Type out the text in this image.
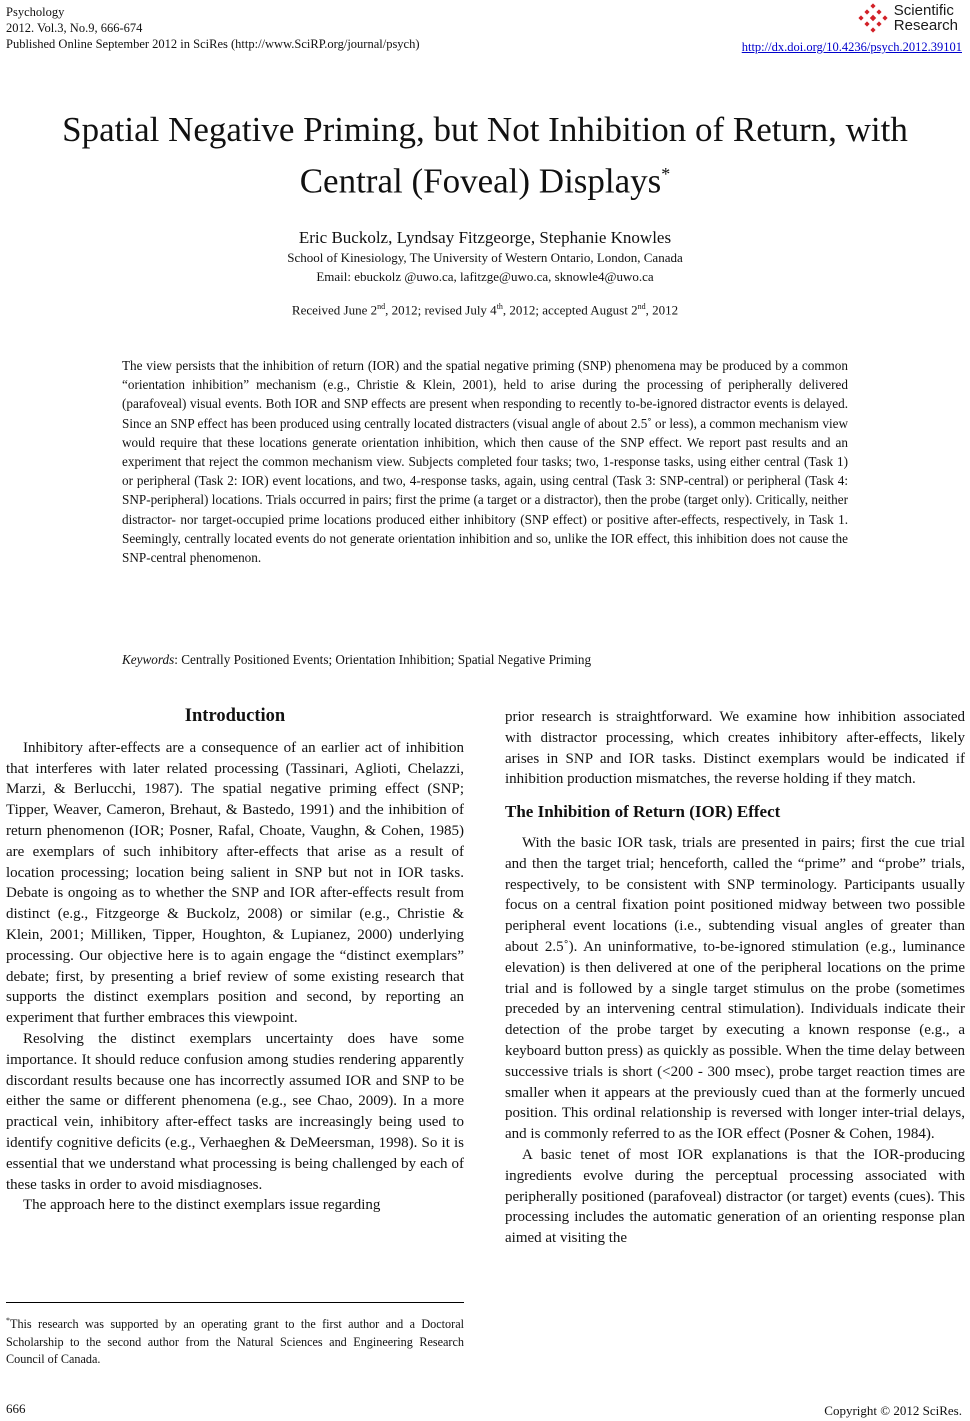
Psychology
2012. Vol.3, No.9, 666-674
Published Online September 2012 in SciRes (http://www.SciRP.org/journal/psych)
Scientific
Research
http://dx.doi.org/10.4236/psych.2012.39101
Spatial Negative Priming, but Not Inhibition of Return, with
Central (Foveal) Displays*
Eric Buckolz, Lyndsay Fitzgeorge, Stephanie Knowles
School of Kinesiology, The University of Western Ontario, London, Canada
Email: ebuckolz @uwo.ca, lafitzge@uwo.ca, sknowle4@uwo.ca
Received June 2nd, 2012; revised July 4th, 2012; accepted August 2nd, 2012
The view persists that the inhibition of return (IOR) and the spatial negative priming (SNP) phenomena may be produced by a common “orientation inhibition” mechanism (e.g., Christie & Klein, 2001), held to arise during the processing of peripherally delivered (parafoveal) visual events. Both IOR and SNP effects are present when responding to recently to-be-ignored distractor events is delayed. Since an SNP effect has been produced using centrally located distracters (visual angle of about 2.5˚ or less), a common mechanism view would require that these locations generate orientation inhibition, which then cause of the SNP effect. We report past results and an experiment that reject the common mechanism view. Subjects completed four tasks; two, 1-response tasks, using either central (Task 1) or peripheral (Task 2: IOR) event locations, and two, 4-response tasks, again, using central (Task 3: SNP-central) or peripheral (Task 4: SNP-peripheral) locations. Trials occurred in pairs; first the prime (a target or a distractor), then the probe (target only). Critically, neither distractor- nor target-occupied prime locations produced either inhibitory (SNP effect) or positive after-effects, respectively, in Task 1. Seemingly, centrally located events do not generate orientation inhibition and so, unlike the IOR effect, this inhibition does not cause the SNP-central phenomenon.
Keywords: Centrally Positioned Events; Orientation Inhibition; Spatial Negative Priming
Introduction

Inhibitory after-effects are a consequence of an earlier act of inhibition that interferes with later related processing (Tassinari, Aglioti, Chelazzi, Marzi, & Berlucchi, 1987). The spatial negative priming effect (SNP; Tipper, Weaver, Cameron, Brehaut, & Bastedo, 1991) and the inhibition of return phenomenon (IOR; Posner, Rafal, Choate, Vaughn, & Cohen, 1985) are exemplars of such inhibitory after-effects that arise as a result of location processing; location being salient in SNP but not in IOR tasks. Debate is ongoing as to whether the SNP and IOR after-effects result from distinct (e.g., Fitzgeorge & Buckolz, 2008) or similar (e.g., Christie & Klein, 2001; Milliken, Tipper, Houghton, & Lupianez, 2000) underlying processing. Our objective here is to again engage the “distinct exemplars” debate; first, by presenting a brief review of some existing research that supports the distinct exemplars position and second, by reporting an experiment that further embraces this viewpoint.

Resolving the distinct exemplars uncertainty does have some importance. It should reduce confusion among studies rendering apparently discordant results because one has incorrectly assumed IOR and SNP to be either the same or different phenomena (e.g., see Chao, 2009). In a more practical vein, inhibitory after-effect tasks are increasingly being used to identify cognitive deficits (e.g., Verhaeghen & DeMeersman, 1998). So it is essential that we understand what processing is being challenged by each of these tasks in order to avoid misdiagnoses.

The approach here to the distinct exemplars issue regarding

prior research is straightforward. We examine how inhibition associated with distractor processing, which creates inhibitory after-effects, likely arises in SNP and IOR tasks. Distinct exemplars would be indicated if inhibition production mismatches, the reverse holding if they match.

The Inhibition of Return (IOR) Effect

With the basic IOR task, trials are presented in pairs; first the cue trial and then the target trial; henceforth, called the “prime” and “probe” trials, respectively, to be consistent with SNP terminology. Participants usually focus on a central fixation point positioned midway between two possible peripheral event locations (i.e., subtending visual angles of greater than about 2.5˚). An uninformative, to-be-ignored stimulation (e.g., luminance elevation) is then delivered at one of the peripheral locations on the prime trial and is followed by a single target stimulus on the probe (sometimes preceded by an intervening central stimulation). Individuals indicate their detection of the probe target by executing a known response (e.g., a keyboard button press) as quickly as possible. When the time delay between successive trials is short (<200 - 300 msec), probe target reaction times are smaller when it appears at the previously cued than at the formerly uncued position. This ordinal relationship is reversed with longer inter-trial delays, and is commonly referred to as the IOR effect (Posner & Cohen, 1984).

A basic tenet of most IOR explanations is that the IOR-producing ingredients evolve during the perceptual processing associated with peripherally positioned (parafoveal) distractor (or target) events (cues). This processing includes the automatic generation of an orienting response plan aimed at visiting the

*This research was supported by an operating grant to the first author and a Doctoral Scholarship to the second author from the Natural Sciences and Engineering Research Council of Canada.
666	Copyright © 2012 SciRes.
